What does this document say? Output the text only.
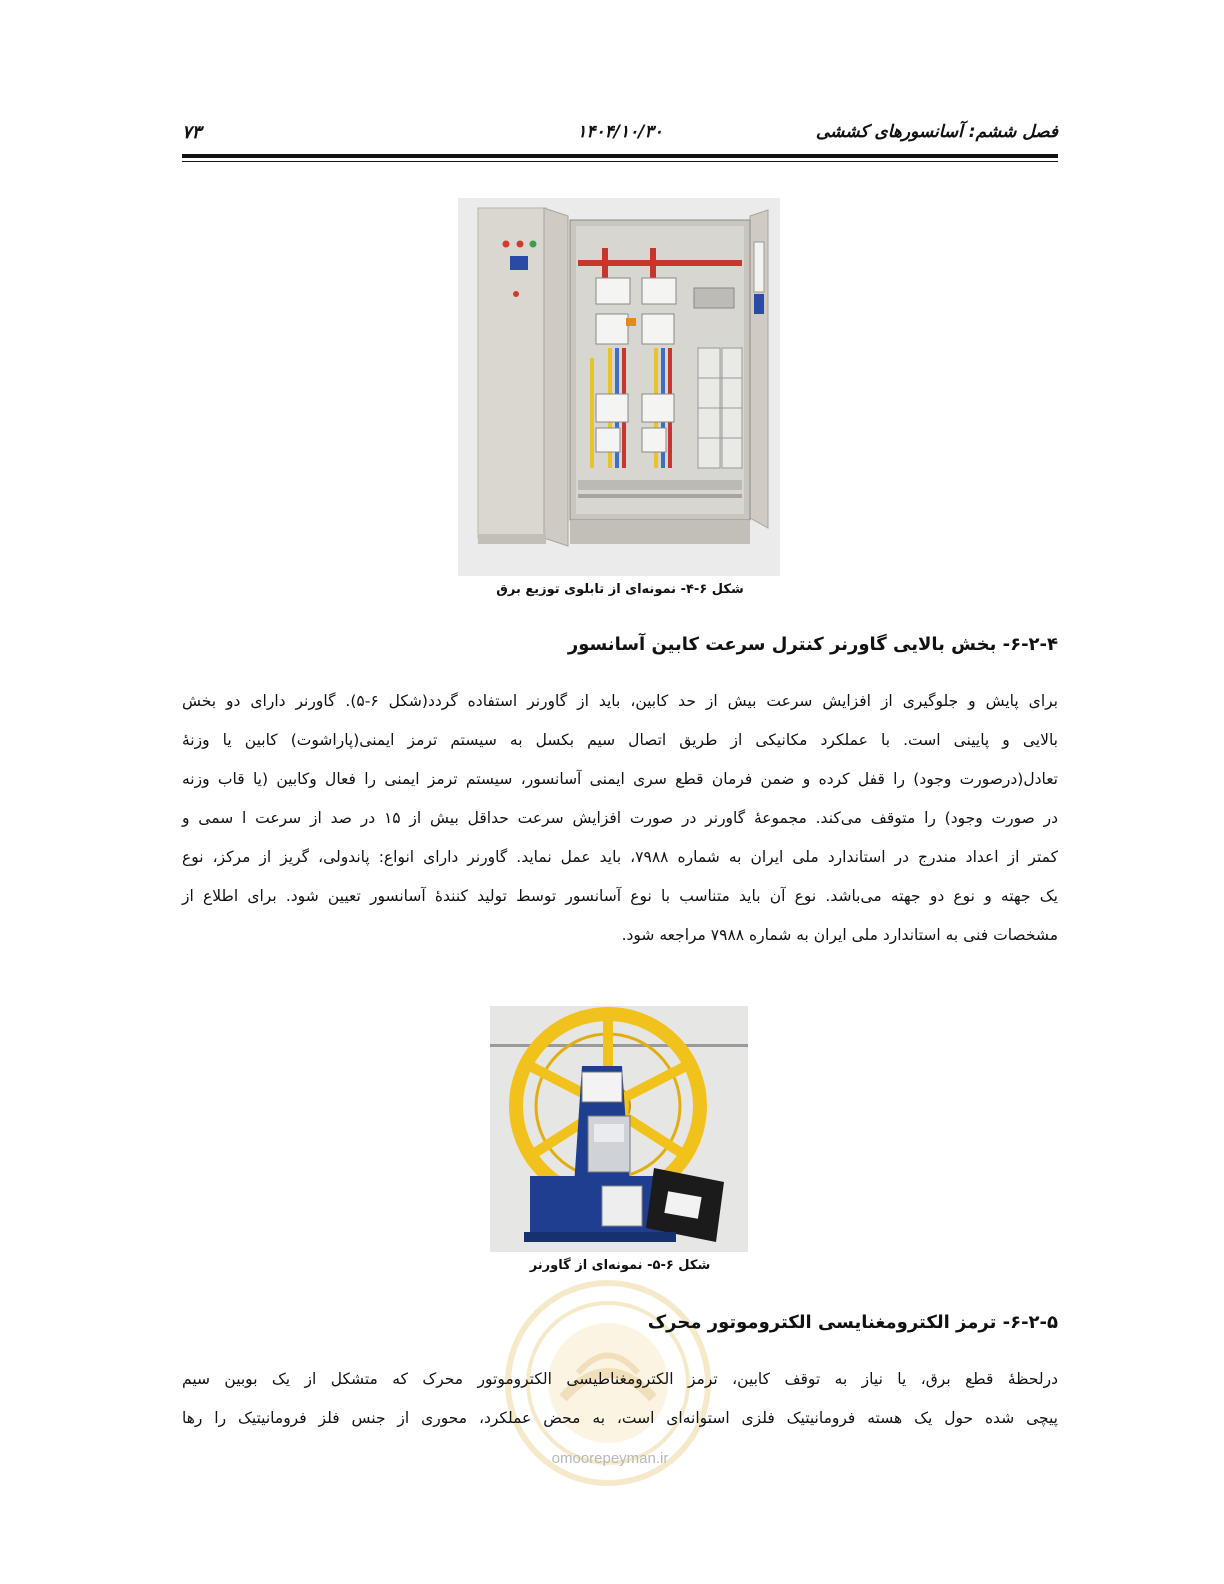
فصل ششم: آسانسورهای کششی
۱۴۰۴/۱۰/۳۰
۷۳
شکل ۶-۴- نمونه‌ای از تابلوی توزیع برق
۶-۲-۴- بخش بالایی گاورنر کنترل سرعت کابین آسانسور
برای پایش و جلوگیری از افزایش سرعت بیش از حد کابین، باید از گاورنر استفاده گردد(شکل ۶-۵). گاورنر دارای دو بخش
بالایی و پایینی است. با عملکرد مکانیکی از طریق اتصال سیم بکسل به سیستم ترمز ایمنی(پاراشوت) کابین یا وزنهٔ
تعادل(درصورت وجود) را قفل کرده و ضمن فرمان قطع سری ایمنی آسانسور، سیستم ترمز ایمنی را فعال وکابین (یا قاب وزنه
در صورت وجود) را متوقف می‌کند. مجموعهٔ گاورنر در صورت افزایش سرعت حداقل بیش از ۱۵ در صد از سرعت ا سمی و
کمتر از اعداد مندرج در استاندارد ملی ایران به شماره ۷۹۸۸، باید عمل نماید. گاورنر دارای انواع: پاندولی، گریز از مرکز، نوع
یک جهته و نوع دو جهته می‌باشد. نوع آن باید متناسب با نوع آسانسور توسط تولید کنندهٔ آسانسور تعیین شود. برای اطلاع از
مشخصات فنی به استاندارد ملی ایران به شماره ۷۹۸۸ مراجعه شود.
شکل ۶-۵- نمونه‌ای از گاورنر
۶-۲-۵- ترمز الکترومغنایسی الکتروموتور محرک
درلحظهٔ قطع برق، یا نیاز به توقف کابین، ترمز الکترومغناطیسی الکتروموتور محرک که متشکل از یک بوبین سیم
پیچی شده حول یک هسته فرومانیتیک فلزی استوانه‌ای است، به محض عملکرد، محوری از جنس فلز فرومانیتیک را رها
omoorepeyman.ir
